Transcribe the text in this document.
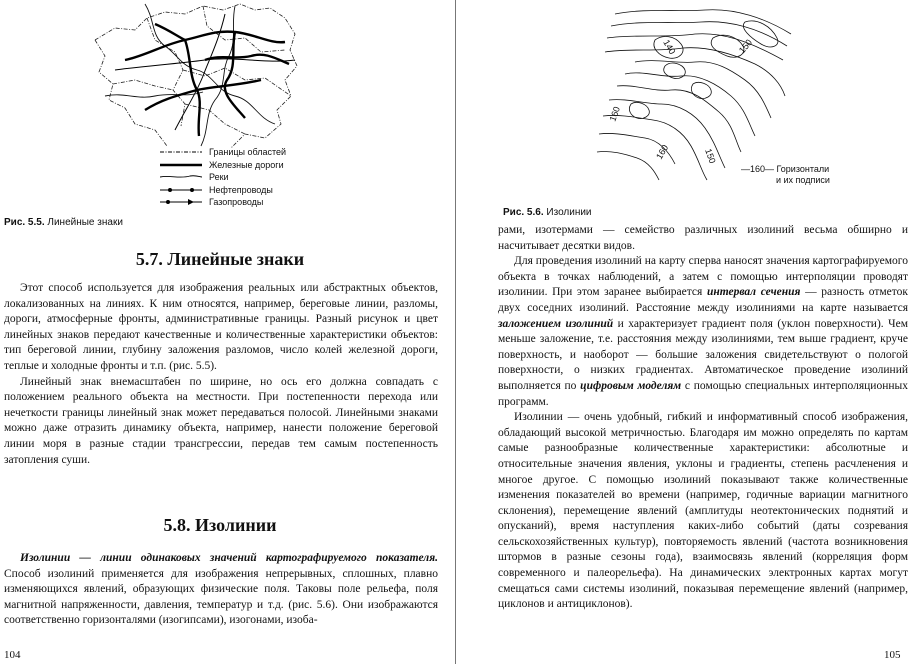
Границы областей
Железные дороги
Реки
Нефтепроводы
Газопроводы
Рис. 5.5. Линейные знаки
5.7. Линейные знаки

Этот способ используется для изображения реальных или абстрактных объектов, локализованных на линиях. К ним относятся, например, береговые линии, разломы, дороги, атмосферные фронты, административные границы. Разный рисунок и цвет линейных знаков передают качественные и количественные характеристики объектов: тип береговой линии, глубину заложения разломов, число колей железной дороги, теплые и холодные фронты и т.п. (рис. 5.5).

Линейный знак внемасштабен по ширине, но ось его должна совпадать с положением реального объекта на местности. При постепенности перехода или нечеткости границы линейный знак может передаваться полосой. Линейными знаками можно даже отразить динамику объекта, например, нанести положение береговой линии моря в разные стадии трансгрессии, передав тем самым постепенность затопления суши.

5.8. Изолинии

Изолинии — линии одинаковых значений картографируемого показателя. Способ изолиний применяется для изображения непрерывных, сплошных, плавно изменяющихся явлений, образующих физические поля. Таковы поле рельефа, поля магнитной напряженности, давления, температур и т.д. (рис. 5.6). Они изображаются соответственно горизонталями (изогипсами), изогонами, изоба-

104
140	150
160
150
160
—160— Горизонтали
и их подписи
Рис. 5.6. Изолинии

рами, изотермами — семейство различных изолиний весьма обширно и насчитывает десятки видов.

Для проведения изолиний на карту сперва наносят значения картографируемого объекта в точках наблюдений, а затем с помощью интерполяции проводят изолинии. При этом заранее выбирается интервал сечения — разность отметок двух соседних изолиний. Расстояние между изолиниями на карте называется заложением изолиний и характеризует градиент поля (уклон поверхности). Чем меньше заложение, т.е. расстояния между изолиниями, тем выше градиент, круче поверхность, и наоборот — большие заложения свидетельствуют о пологой поверхности, о низких градиентах. Автоматическое проведение изолиний выполняется по цифровым моделям с помощью специальных интерполяционных программ.

Изолинии — очень удобный, гибкий и информативный способ изображения, обладающий высокой метричностью. Благодаря им можно определять по картам самые разнообразные количественные характеристики: абсолютные и относительные значения явления, уклоны и градиенты, степень расчленения и многое другое. С помощью изолиний показывают также количественные изменения показателей во времени (например, годичные вариации магнитного склонения), перемещение явлений (амплитуды неотектонических поднятий и опусканий), время наступления каких-либо событий (даты созревания сельскохозяйственных культур), повторяемость явлений (частота возникновения штормов в разные сезоны года), взаимосвязь явлений (корреляция форм современного и палеорельефа). На динамических электронных картах могут смещаться сами системы изолиний, показывая перемещение явлений (например, циклонов и антициклонов).

105
